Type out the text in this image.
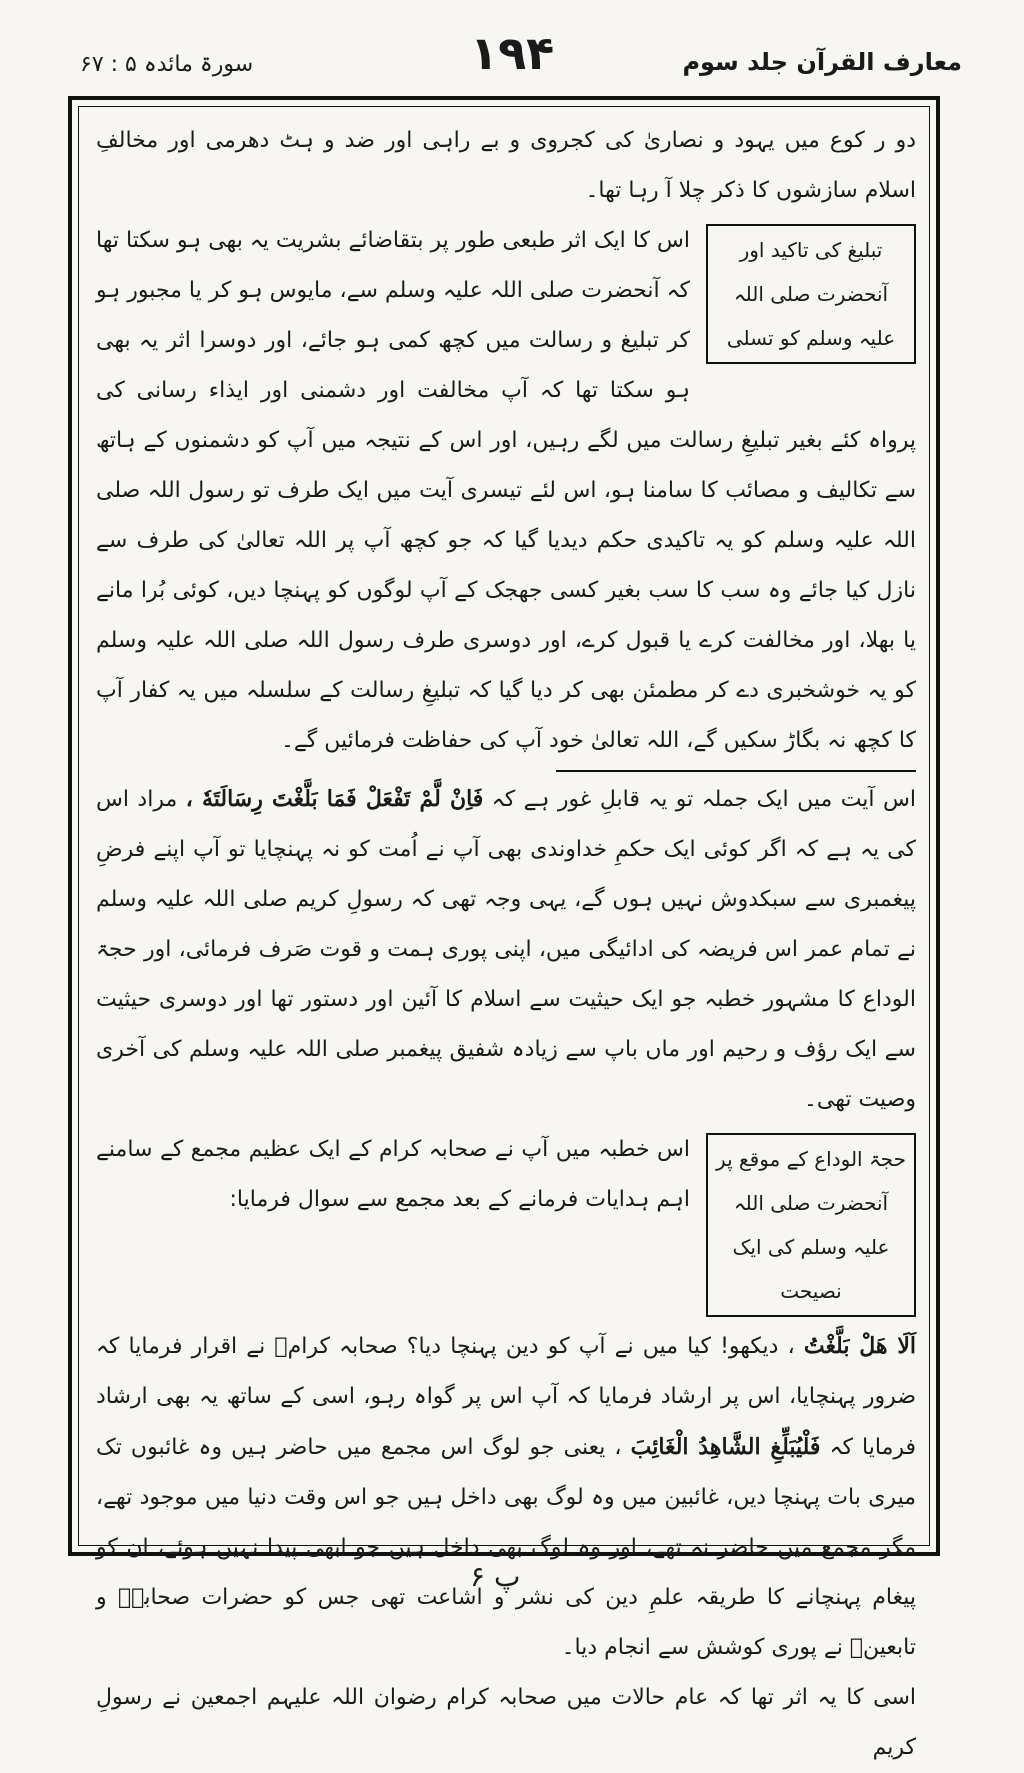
سورۃ مائدہ ۵ : ۶۷	۱۹۴	معارف القرآن جلد سوم

دو ر کوع میں یہود و نصاریٰ کی کجروی و بے راہی اور ضد و ہٹ دھرمی اور مخالفِ اسلام سازشوں کا ذکر چلا آ رہا تھا۔

تبلیغ کی تاکید اور آنحضرت صلی اللہ علیہ وسلم کو تسلی

اس کا ایک اثر طبعی طور پر بتقاضائے بشریت یہ بھی ہو سکتا تھا کہ آنحضرت صلی اللہ علیہ وسلم سے، مایوس ہو کر یا مجبور ہو کر تبلیغ و رسالت میں کچھ کمی ہو جائے، اور دوسرا اثر یہ بھی ہو سکتا تھا کہ آپ مخالفت اور دشمنی اور ایذاء رسانی کی پرواہ کئے بغیر تبلیغِ رسالت میں لگے رہیں، اور اس کے نتیجہ میں آپ کو دشمنوں کے ہاتھ سے تکالیف و مصائب کا سامنا ہو، اس لئے تیسری آیت میں ایک طرف تو رسول اللہ صلی اللہ علیہ وسلم کو یہ تاکیدی حکم دیدیا گیا کہ جو کچھ آپ پر اللہ تعالیٰ کی طرف سے نازل کیا جائے وہ سب کا سب بغیر کسی جھجک کے آپ لوگوں کو پہنچا دیں، کوئی بُرا مانے یا بھلا، اور مخالفت کرے یا قبول کرے، اور دوسری طرف رسول اللہ صلی اللہ علیہ وسلم کو یہ خوشخبری دے کر مطمئن بھی کر دیا گیا کہ تبلیغِ رسالت کے سلسلہ میں یہ کفار آپ کا کچھ نہ بگاڑ سکیں گے، اللہ تعالیٰ خود آپ کی حفاظت فرمائیں گے۔

اس آیت میں ایک جملہ تو یہ قابلِ غور ہے کہ فَاِنْ لَّمْ تَفْعَلْ فَمَا بَلَّغْتَ رِسَالَتَهٗ ، مراد اس کی یہ ہے کہ اگر کوئی ایک حکمِ خداوندی بھی آپ نے اُمت کو نہ پہنچایا تو آپ اپنے فرضِ پیغمبری سے سبکدوش نہیں ہوں گے، یہی وجہ تھی کہ رسولِ کریم صلی اللہ علیہ وسلم نے تمام عمر اس فریضہ کی ادائیگی میں، اپنی پوری ہمت و قوت صَرف فرمائی، اور حجۃ الوداع کا مشہور خطبہ جو ایک حیثیت سے اسلام کا آئین اور دستور تھا اور دوسری حیثیت سے ایک رؤف و رحیم اور ماں باپ سے زیادہ شفیق پیغمبر صلی اللہ علیہ وسلم کی آخری وصیت تھی۔

حجۃ الوداع کے موقع پر آنحضرت صلی اللہ علیہ وسلم کی ایک نصیحت

اس خطبہ میں آپ نے صحابہ کرام کے ایک عظیم مجمع کے سامنے اہم ہدایات فرمانے کے بعد مجمع سے سوال فرمایا:

اَلَا هَلْ بَلَّغْتُ ، دیکھو! کیا میں نے آپ کو دین پہنچا دیا؟ صحابہ کرامؓ نے اقرار فرمایا کہ ضرور پہنچایا، اس پر ارشاد فرمایا کہ آپ اس پر گواہ رہو، اسی کے ساتھ یہ بھی ارشاد فرمایا کہ فَلْيُبَلِّغِ الشَّاهِدُ الْغَائِبَ ، یعنی جو لوگ اس مجمع میں حاضر ہیں وہ غائبوں تک میری بات پہنچا دیں، غائبین میں وہ لوگ بھی داخل ہیں جو اس وقت دنیا میں موجود تھے، مگر مجمع میں حاضر نہ تھے، اور وہ لوگ بھی داخل ہیں جو ابھی پیدا نہیں ہوئے، ان کو پیغام پہنچانے کا طریقہ علمِ دین کی نشر و اشاعت تھی جس کو حضرات صحابہؓ و تابعینؒ نے پوری کوشش سے انجام دیا۔

اسی کا یہ اثر تھا کہ عام حالات میں صحابہ کرام رضوان اللہ علیہم اجمعین نے رسولِ کریم

۶ پ
